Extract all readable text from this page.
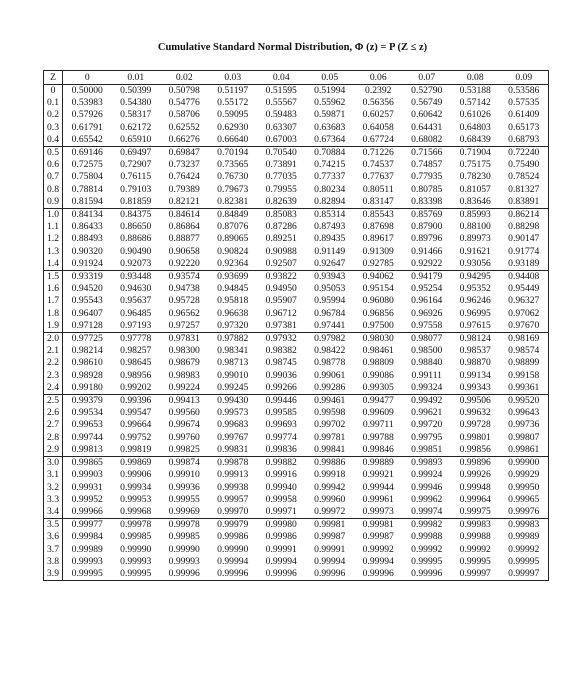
Cumulative Standard Normal Distribution, Φ (z) = P (Z ≤ z)
Z	0	0.01	0.02	0.03	0.04	0.05	0.06	0.07	0.08	0.09
0	0.50000	0.50399	0.50798	0.51197	0.51595	0.51994	0.2392	0.52790	0.53188	0.53586
0.1	0.53983	0.54380	0.54776	0.55172	0.55567	0.55962	0.56356	0.56749	0.57142	0.57535
0.2	0.57926	0.58317	0.58706	0.59095	0.59483	0.59871	0.60257	0.60642	0.61026	0.61409
0.3	0.61791	0.62172	0.62552	0.62930	0.63307	0.63683	0.64058	0.64431	0.64803	0.65173
0.4	0.65542	0.65910	0.66276	0.66640	0.67003	0.67364	0.67724	0.68082	0.68439	0.68793
0.5	0.69146	0.69497	0.69847	0.70194	0.70540	0.70884	0.71226	0.71566	0.71904	0.72240
0.6	0.72575	0.72907	0.73237	0.73565	0.73891	0.74215	0.74537	0.74857	0.75175	0.75490
0.7	0.75804	0.76115	0.76424	0.76730	0.77035	0.77337	0.77637	0.77935	0.78230	0.78524
0.8	0.78814	0.79103	0.79389	0.79673	0.79955	0.80234	0.80511	0.80785	0.81057	0.81327
0.9	0.81594	0.81859	0.82121	0.82381	0.82639	0.82894	0.83147	0.83398	0.83646	0.83891
1.0	0.84134	0.84375	0.84614	0.84849	0.85083	0.85314	0.85543	0.85769	0.85993	0.86214
1.1	0.86433	0.86650	0.86864	0.87076	0.87286	0.87493	0.87698	0.87900	0.88100	0.88298
1.2	0.88493	0.88686	0.88877	0.89065	0.89251	0.89435	0.89617	0.89796	0.89973	0.90147
1.3	0.90320	0.90490	0.90658	0.90824	0.90988	0.91149	0.91309	0.91466	0.91621	0.91774
1.4	0.91924	0.92073	0.92220	0.92364	0.92507	0.92647	0.92785	0.92922	0.93056	0.93189
1.5	0.93319	0.93448	0.93574	0.93699	0.93822	0.93943	0.94062	0.94179	0.94295	0.94408
1.6	0.94520	0.94630	0.94738	0.94845	0.94950	0.95053	0.95154	0.95254	0.95352	0.95449
1.7	0.95543	0.95637	0.95728	0.95818	0.95907	0.95994	0.96080	0.96164	0.96246	0.96327
1.8	0.96407	0.96485	0.96562	0.96638	0.96712	0.96784	0.96856	0.96926	0.96995	0.97062
1.9	0.97128	0.97193	0.97257	0.97320	0.97381	0.97441	0.97500	0.97558	0.97615	0.97670
2.0	0.97725	0.97778	0.97831	0.97882	0.97932	0.97982	0.98030	0.98077	0.98124	0.98169
2.1	0.98214	0.98257	0.98300	0.98341	0.98382	0.98422	0.98461	0.98500	0.98537	0.98574
2.2	0.98610	0.98645	0.98679	0.98713	0.98745	0.98778	0.98809	0.98840	0.98870	0.98899
2.3	0.98928	0.98956	0.98983	0.99010	0.99036	0.99061	0.99086	0.99111	0.99134	0.99158
2.4	0.99180	0.99202	0.99224	0.99245	0.99266	0.99286	0.99305	0.99324	0.99343	0.99361
2.5	0.99379	0.99396	0.99413	0.99430	0.99446	0.99461	0.99477	0.99492	0.99506	0.99520
2.6	0.99534	0.99547	0.99560	0.99573	0.99585	0.99598	0.99609	0.99621	0.99632	0.99643
2.7	0.99653	0.99664	0.99674	0.99683	0.99693	0.99702	0.99711	0.99720	0.99728	0.99736
2.8	0.99744	0.99752	0.99760	0.99767	0.99774	0.99781	0.99788	0.99795	0.99801	0.99807
2.9	0.99813	0.99819	0.99825	0.99831	0.99836	0.99841	0.99846	0.99851	0.99856	0.99861
3.0	0.99865	0.99869	0.99874	0.99878	0.99882	0.99886	0.99889	0.99893	0.99896	0.99900
3.1	0.99903	0.99906	0.99910	0.99913	0.99916	0.99918	0.99921	0.99924	0.99926	0.99929
3.2	0.99931	0.99934	0.99936	0.99938	0.99940	0.99942	0.99944	0.99946	0.99948	0.99950
3.3	0.99952	0.99953	0.99955	0.99957	0.99958	0.99960	0.99961	0.99962	0.99964	0.99965
3.4	0.99966	0.99968	0.99969	0.99970	0.99971	0.99972	0.99973	0.99974	0.99975	0.99976
3.5	0.99977	0.99978	0.99978	0.99979	0.99980	0.99981	0.99981	0.99982	0.99983	0.99983
3.6	0.99984	0.99985	0.99985	0.99986	0.99986	0.99987	0.99987	0.99988	0.99988	0.99989
3.7	0.99989	0.99990	0.99990	0.99990	0.99991	0.99991	0.99992	0.99992	0.99992	0.99992
3.8	0.99993	0.99993	0.99993	0.99994	0.99994	0.99994	0.99994	0.99995	0.99995	0.99995
3.9	0.99995	0.99995	0.99996	0.99996	0.99996	0.99996	0.99996	0.99996	0.99997	0.99997
